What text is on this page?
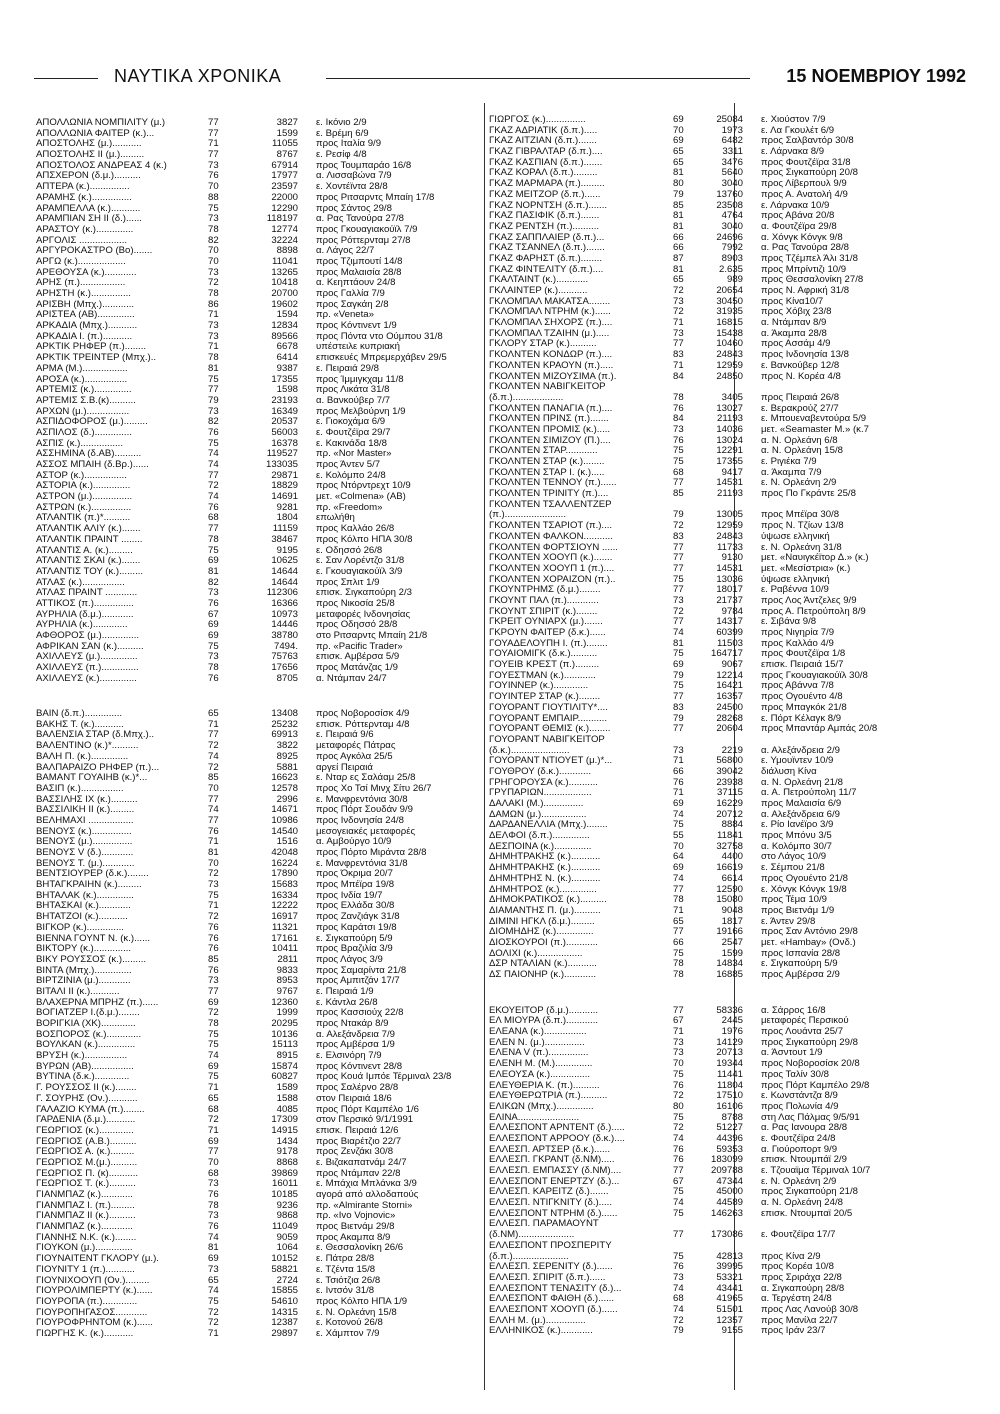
ΝΑΥΤΙΚΑ ΧΡΟΝΙΚΑ	15 ΝΟΕΜΒΡΙΟΥ 1992
ΑΠΟΛΛΩΝΙΑ ΝΟΜΠΙΛΙΤΥ (μ.)	77	3827 ε. Ικόνιο 2/9
ΑΠΟΛΛΩΝΙΑ ΦΑΪΤΕΡ (κ.)...	77	1599 ε. Βρέμη 6/9
ΑΠΟΣΤΟΛΗΣ (μ.)...........	71	11055 προς Ιταλία 9/9
ΑΠΟΣΤΟΛΗΣ II (μ.).........	77	8767 ε. Ρεσίφ 4/8
ΑΠΟΣΤΟΛΟΣ ΑΝΔΡΕΑΣ 4 (κ.)	73	67914 προς Τουμπαράο 16/8
ΑΠΣΧΕΡΟΝ (δ.μ.)..........	76	17977 α. Λισσαβώνα 7/9
ΑΠΤΕΡΑ (κ.)...............	70	23597 ε. Χοντέϊντα 28/8
ΑΡΑΜΗΣ (κ.)...............	88	22000 προς Ριτσαρντς Μπαίη 17/8
ΑΡΑΜΠΕΛΛΑ (κ.)...........	75	12290 προς Σάντος 29/8
ΑΡΑΜΠΙΑΝ ΣΗ II (δ.)......	73	118197 α. Ρας Τανούρα 27/8
ΑΡΑΣΤΟΥ (κ.)..............	78	12774 προς Γκουαγιακούϊλ 7/9
ΑΡΓΟΛΙΣ ..................	82	32224 προς Ρόττερνταμ 27/8
ΑΡΓΥΡΟΚΑΣΤΡΟ (Bo).......	70	8898 α. Λάγος 22/7
ΑΡΓΩ (κ.)..................	70	11041 προς Τζιμπουτί 14/8
ΑΡΕΘΟΥΣΑ (κ.)............	73	13265 προς Μαλαισία 28/8
ΑΡΗΣ (π.).................	72	10418 α. Κεηπτάουν 24/8
ΑΡΗΣΤΗ (κ.)...............	78	20700 προς Γαλλία 7/9
ΑΡΙΣΒΗ (Μπχ.)............	86	19602 προς Σαγκάη 2/8
ΑΡΙΣΤΕΑ (ΑΒ)..............	71	1594 πρ. «Veneta»
ΑΡΚΑΔΙΑ (Μπχ.)...........	73	12834 προς Κόντινεντ 1/9
ΑΡΚΑΔΙΑ I. (π.)...........	73	89566 προς Πόντα ντο Ούμπου 31/8
ΑΡΚΤΙΚ ΡΗΦΕΡ (π.)........	71	6678 υπέστειλε κυπριακή
ΑΡΚΤΙΚ ΤΡΕΪΝΤΕΡ (Μπχ.)..	78	6414 επισκευές Μπρεμερχάβεν 29/5
ΑΡΜΑ (Μ.).................	81	9387 ε. Πειραιά 29/8
ΑΡΟΣΑ (κ.)................	75	17355 προς Ίμμιγκχαμ 11/8
ΑΡΤΕΜΙΣ (κ.)..............	77	1598 προς Λικάτα 31/8
ΑΡΤΕΜΙΣ Σ.Β.(κ)..........	79	23193 α. Βανκούβερ 7/7
ΑΡΧΩΝ (μ.)................	73	16349 προς Μελβούρνη 1/9
ΑΣΠΙΔΟΦΟΡΟΣ (μ.).........	82	20537 ε. Γιοκοχάμα 6/9
ΑΣΠΙΛΟΣ (δ.)..............	76	56003 ε. Φουτζέϊρα 29/7
ΑΣΠΙΣ (κ.)................	75	16378 ε. Κακινάδα 18/8
ΑΣΣΗΜΙΝΑ (δ.ΑΒ)..........	74	119527 πρ. «Nor Master»
ΑΣΣΟΣ ΜΠΑΙΗ (δ.Βρ.)......	74	133035 προς Άντεν 5/7
ΑΣΤΟΡ (κ.)................	77	29871 ε. Κολόμπο 24/8
ΑΣΤΟΡΙΑ (κ.)..............	72	18829 προς Ντόρντρεχτ 10/9
ΑΣΤΡΟΝ (μ.)...............	74	14691 μετ. «Colmena» (ΑΒ)
ΑΣΤΡΩΝ (κ.)...............	76	9281 πρ. «Freedom»
ΑΤΛΑΝΤΙΚ (π.)*..........	68	1804 επωλήθη
ΑΤΛΑΝΤΙΚ ΑΛΙΥ (κ.).......	77	11159 προς Καλλάο 26/8
ΑΤΛΑΝΤΙΚ ΠΡΑΪΝΤ ........	78	38467 προς Κόλπο ΗΠΑ 30/8
ΑΤΛΑΝΤΙΣ Α. (κ.).........	75	9195 ε. Οδησσό 26/8
ΑΤΛΑΝΤΙΣ ΣΚΑΪ (κ.).......	69	10625 ε. Σαν Λορέντζο 31/8
ΑΤΛΑΝΤΙΣ ΤΟΥ (κ.).........	81	14644 ε. Γκουαγιακούϊλ 3/9
ΑΤΛΑΣ (κ.)................	82	14644 προς Σπλιτ 1/9
ΑΤΛΑΣ ΠΡΑΪΝΤ ............	73	112306 επισκ. Σιγκαπούρη 2/3
ΑΤΤΙΚΟΣ (π.)...............	76	16366 προς Νικοσία 25/8
ΑΥΡΗΛΙΑ (δ.μ.)............	67	10973 μεταφορές Ινδονησίας
ΑΥΡΗΛΙΑ (κ.).............	69	14446 προς Οδησσό 28/8
ΑΦΘΟΡΟΣ (μ.)..............	69	38780 στο Ριτσαρντς Μπαίη 21/8
ΑΦΡΙΚΑΝ ΣΑΝ (κ.)..........	75	7494. πρ. «Pacific Trader»
ΑΧΙΛΛΕΥΣ (μ.)..............	73	75763 επισκ. Αμβέρσα 5/9
ΑΧΙΛΛΕΥΣ (π.)..............	78	17656 προς Ματάνζας 1/9
ΑΧΙΛΛΕΥΣ (κ.)..............	76	8705 α. Ντάμπαν 24/7
ΒΑΪΝ (δ.π.)..............	65	13408 προς Νοβοροσίσκ 4/9
ΒΑΚΗΣ Τ. (κ.)...........	71	25232 επισκ. Ρόττερνταμ 4/8
ΒΑΛΕΝΣΙΑ ΣΤΑΡ (δ.Μπχ.)..	77	69913 ε. Πειραιά 9/6
ΒΑΛΕΝΤΙΝΟ (κ.)*..........	72	3822 μεταφορές Πάτρας
ΒΑΛΗ Π. (κ.)..............	74	8925 προς Αγκόλα 25/5
ΒΑΛΠΑΡΑΙΖΟ ΡΗΦΕΡ (π.)...	72	5881 αργεί Πειραιά
ΒΑΜΑΝΤ ΓΟΥΑΙΗΒ (κ.)*...	85	16623 ε. Νταρ ες Σαλάαμ 25/8
ΒΑΣΙΠ (κ.)................	70	12578 προς Χο Τσί Μινχ Σίτυ 26/7
ΒΑΣΣΙΛΗΣ ΙΧ (κ.)..........	77	2996 ε. Μανφρεντόνια 30/8
ΒΑΣΣΙΛΙΚΗ II (κ.).........	74	14671 προς Πόρτ Σουδάν 9/9
ΒΕΛΗΜΑΧΙ .................	77	10986 προς Ινδονησία 24/8
ΒΕΝΟΥΣ (κ.)...............	76	14540 μεσογειακές μεταφορές
ΒΕΝΟΥΣ (μ.)...............	71	1516 α. Αμβούργο 10/9
ΒΕΝΟΥΣ V (δ.)............	81	42048 προς Πόρτο Μιράντα 28/8
ΒΕΝΟΥΣ Τ. (μ.)............	70	16224 ε. Μανφρεντόνια 31/8
ΒΕΝΤΣΙΟΥΡΕΡ (δ.κ.)........	72	17890 προς Όκριμα 20/7
ΒΗΤΑΓΚΡΑΙΗΝ (κ.).........	73	15683 προς Μπέϊρα 19/8
ΒΗΤΑΛΑΚ (κ.)..............	75	16334 προς Ινδία 19/7
ΒΗΤΑΣΚΑΪ (κ.)............	71	12222 προς Ελλάδα 30/8
ΒΗΤΑΤΖΟΪ (κ.)...........	72	16917 προς Ζανζιάγκ 31/8
ΒΙΓΚΟΡ (κ.)..............	76	11321 προς Καράτσι 19/8
ΒΙΕΝΝΑ ΓΟΥΝΤ Ν. (κ.)......	76	17161 ε. Σιγκαπούρη 5/9
ΒΙΚΤΟΡΥ (κ.)..............	76	10411 προς Βραζιλία 3/9
ΒΙΚΥ ΡΟΥΣΣΟΣ (κ.).........	85	2811 προς Λάγος 3/9
ΒΙΝΤΑ (Μπχ.)..............	76	9833 προς Σαμαρίντα 21/8
ΒΙΡΤΖΙΝΙΑ (μ.)............	73	8953 προς Αμπιτζάν 17/7
ΒΙΤΑΛΙ II (κ.)...........	77	9767 ε. Πειραιά 1/9
ΒΛΑΧΕΡΝΑ ΜΠΡΗΖ (π.)......	69	12360 ε. Κάντλα 26/8
ΒΟΓΙΑΤΖΕΡ I.(δ.μ.)........	72	1999 προς Κασσιούχ 22/8
ΒΟΡΙΓΚΙΑ (ΧΚ).............	78	20295 προς Ντακάρ 8/9
ΒΟΣΠΟΡΟΣ (κ.).............	75	10136 α. Αλεξάνδρεια 7/9
ΒΟΥΛΚΑΝ (κ.)..............	75	15113 προς Αμβέρσα 1/9
ΒΡΥΣΗ (κ.)................	74	8915 ε. Ελσινόρη 7/9
ΒΥΡΩΝ (ΑΒ)................	69	15874 προς Κόντινεντ 28/8
ΒΥΤΙΝΑ (δ.κ.).............	75	60827 προς Κουά Ιμπόε Τέρμιναλ 23/8
Γ. ΡΟΥΣΣΟΣ II (κ.)........	71	1589 προς Σαλέρνο 28/8
Γ. ΣΟΥΡΗΣ (Ον.)...........	65	1588 στον Πειραιά 18/6
ΓΑΛΑΖΙΟ ΚΥΜΑ (π.)........	68	4085 προς Πόρτ Καμπέλο 1/6
ΓΑΡΔΕΝΙΑ (δ.μ.)...........	72	17309 στον Περσικό 9/1/1991
ΓΕΩΡΓΙΟΣ (κ.).............	71	14915 επισκ. Πειραιά 12/6
ΓΕΩΡΓΙΟΣ (Α.Β.)..........	69	1434 προς Βιαρέτζιο 22/7
ΓΕΩΡΓΙΟΣ Α. (κ.).........	77	9178 προς Ζενζάκι 30/8
ΓΕΩΡΓΙΟΣ Μ.(μ.)..........	70	8868 ε. Βιζακαπατνάμ 24/7
ΓΕΩΡΓΙΟΣ Π. (κ)...........	68	39869 προς Ντάμπαν 22/8
ΓΕΩΡΓΙΟΣ Τ. (κ.)..........	73	16011 ε. Μπάχια Μπλάνκα 3/9
ΓΙΑΝΜΠΑΖ (κ.)............	76	10185 αγορά από αλλοδαπούς
ΓΙΑΝΜΠΑΖ I. (π.).........	78	9236 πρ. «Almirante Storni»
ΓΙΑΝΜΠΑΖ II (κ.)..........	73	9868 πρ. «Ivo Vojnovic»
ΓΙΑΝΜΠΑΖ (κ.)............	76	11049 προς Βιετνάμ 29/8
ΓΙΑΝΝΗΣ Ν.Κ. (κ.)........	74	9059 προς Ακαμπα 8/9
ΓΙΟΥΚΟΝ (μ.)..............	81	1064 ε. Θεσσαλονίκη 26/6
ΓΙΟΥΝΑΪΤΕΝΤ ΓΚΛΟΡΥ (μ.).	69	10152 ε. Πάτρα 28/8
ΓΙΟΥΝΙΤΥ 1 (π.)...........	73	58821 ε. Τζέντα 15/8
ΓΙΟΥΝΙΧΟΟΥΠ (Ον.).........	65	2724 ε. Τσιότζια 26/8
ΓΙΟΥΡΟΛΙΜΠΕΡΤΥ (κ.)......	74	15855 ε. Ιντσόν 31/8
ΓΙΟΥΡΟΠΑ (π.).............	75	54610 προς Κόλπο ΗΠΑ 1/9
ΓΙΟΥΡΟΠΗΓΑΣΟΣ............	72	14315 ε. Ν. Ορλεάνη 15/8
ΓΙΟΥΡΟΦΡΗΝΤΟΜ (κ.)......	72	12387 ε. Κοτονού 26/8
ΓΙΩΡΓΗΣ Κ. (κ.)...........	71	29897 ε. Χάμπτον 7/9
ΓΙΩΡΓΟΣ (κ.)...............	69	25084 ε. Χιούστον 7/9
ΓΚΑΖ ΑΔΡΙΑΤΙΚ (δ.π.).....	70	1973 ε. Λα Γκουλέτ 6/9
ΓΚΑΖ ΑΙΤΖΙΑΝ (δ.π.).......	69	6482 προς Σαλβαντόρ 30/8
ΓΚΑΖ ΓΙΒΡΑΛΤΑΡ (δ.π.)....	65	3311 ε. Λάρνακα 8/9
ΓΚΑΖ ΚΑΣΠΙΑΝ (δ.π.).......	65	3476 προς Φουτζέϊρα 31/8
ΓΚΑΖ ΚΟΡΑΛ (δ.π.).........	81	5640 προς Σιγκαπούρη 20/8
ΓΚΑΖ ΜΑΡΜΑΡΑ (π.).........	80	3040 προς Λίβερπουλ 9/9
ΓΚΑΖ ΜΕΪΤΖΟΡ (δ.π.)......	79	13760 προς Α. Ανατολή 4/9
ΓΚΑΖ ΝΟΡΝΤΣΗ (δ.π.).......	85	23508 ε. Λάρνακα 10/9
ΓΚΑΖ ΠΑΣΙΦΙΚ (δ.π.).......	81	4764 προς Αβάνα 20/8
ΓΚΑΖ ΡΕΝΤΣΗ (π.)..........	81	3040 α. Φουτζέϊρα 29/8
ΓΚΑΖ ΣΑΠΠΛΑΪΕΡ (δ.π.)...	66	24696 α. Χόνγκ Κόνγκ 9/8
ΓΚΑΖ ΤΣΑΝΝΕΛ (δ.π.).......	66	7992 α. Ρας Τανούρα 28/8
ΓΚΑΖ ΦΑΡΗΣΤ (δ.π.)........	87	8903 προς Τζέμπελ Άλι 31/8
ΓΚΑΖ ΦΙΝΤΕΛΙΤΥ (δ.π.)....	81	2.635 προς Μπρίντιζι 10/9
ΓΚΑΛΤΑΪΝΤ (κ.)............	65	989 προς Θεσσαλονίκη 27/8
ΓΚΛΑΪΝΤΕΡ (κ.)...........	72	20654 προς Ν. Αφρική 31/8
ΓΚΛΟΜΠΑΛ ΜΑΚΑΤΣΑ........	73	30450 προς Κίνα10/7
ΓΚΛΟΜΠΑΛ ΝΤΡΗΜ (κ.)......	72	31935 προς Χόβιχ 23/8
ΓΚΛΟΜΠΑΛ ΣΗΧΟΡΣ (π.)....	71	16815 α. Ντάμπαν 8/9
ΓΚΛΟΜΠΑΛ ΤΖΑΙΗΝ (μ.).....	73	15438 α. Άκαμπα 28/8
ΓΚΛΟΡΥ ΣΤΑΡ (κ.)..........	77	10460 προς Ασσάμ 4/9
ΓΚΟΛΝΤΕΝ ΚΟΝΔΩΡ (π.)....	83	24843 προς Ινδονησία 13/8
ΓΚΟΛΝΤΕΝ ΚΡΑΟΥΝ (π.).....	71	12959 ε. Βανκούβερ 12/8
ΓΚΟΛΝΤΕΝ ΜΙΖΟΥΣΙΜΑ (π.).	84	24850 προς Ν. Κορέα 4/8
ΓΚΟΛΝΤΕΝ ΝΑΒΙΓΚΕΪΤΟΡ
(δ.π.)...................	78	3405 προς Πειραιά 26/8
ΓΚΟΛΝΤΕΝ ΠΑΝΑΓΙΑ (π.)....	76	13027 ε. Βερακρούζ 27/7
ΓΚΟΛΝΤΕΝ ΠΡΙΝΣ (π.).......	84	21193 ε. Μπουεναβεντούρα 5/9
ΓΚΟΛΝΤΕΝ ΠΡΟΜΙΣ (κ.).....	73	14036 μετ. «Seamaster Μ.» (κ.7
ΓΚΟΛΝΤΕΝ ΣΙΜΙΖΟΥ (Π.)....	76	13024 α. Ν. Ορλεάνη 6/8
ΓΚΟΛΝΤΕΝ ΣΤΑΡ............	75	12291 α. Ν. Ορλεάνη 15/8
ΓΚΟΛΝΤΕΝ ΣΤΑΡ (κ.)........	75	17355 ε. Ριγιέκα 7/9
ΓΚΟΛΝΤΕΝ ΣΤΑΡ I. (κ.).....	68	9417 α. Άκαμπα 7/9
ΓΚΟΛΝΤΕΝ ΤΕΝΝΟΥ (π.)......	77	14531 ε. Ν. Ορλεάνη 2/9
ΓΚΟΛΝΤΕΝ ΤΡΙΝΙΤΥ (π.)....	85	21193 προς Πο Γκράντε 25/8
ΓΚΟΛΝΤΕΝ ΤΣΑΛΛΕΝΤΖΕΡ
(π.).......................	79	13005 προς Μπέϊρα 30/8
ΓΚΟΛΝΤΕΝ ΤΣΑΡΙΟΤ (π.)....	72	12959 προς Ν. Τζίων 13/8
ΓΚΟΛΝΤΕΝ ΦΑΛΚΟΝ...........	83	24843 ύψωσε ελληνική
ΓΚΟΛΝΤΕΝ ΦΟΡΤΣΙΟΥΝ ......	77	11733 ε. Ν. Ορλεάνη 31/8
ΓΚΟΛΝΤΕΝ ΧΟΟΥΠ (κ.).......	77	9130 μετ. «Ναυιγκέϊτορ Δ.» (κ.)
ΓΚΟΛΝΤΕΝ ΧΟΟΥΠ 1 (π.)....	77	14531 μετ. «Μεσίστρια» (κ.)
ΓΚΟΛΝΤΕΝ ΧΟΡΑΪΖΟΝ (π.)..	75	13036 ύψωσε ελληνική
ΓΚΟΥΝΤΡΗΜΣ (δ.μ.)........	77	18017 ε. Ραβέννα 10/9
ΓΚΟΥΝΤ ΠΑΛ (π.)............	73	21737 προς Λος Άντζελες 9/9
ΓΚΟΥΝΤ ΣΠΙΡΙΤ (κ.)........	72	9784 προς Α. Πετρούπολη 8/9
ΓΚΡΕΪΤ ΟΥΝΙΑΡΧ (μ.).......	77	14317 ε. Σιβάνα 9/8
ΓΚΡΟΥΝ ΦΑΪΤΕΡ (δ.κ.)......	74	60399 προς Νιγηρία 7/9
ΓΟΥΑΔΕΛΟΥΠΗ I. (π.)........	81	11503 προς Καλλάο 4/9
ΓΟΥΑΪΟΜΙΓΚ (δ.κ.)..........	75	164717 προς Φουτζέϊρα 1/8
ΓΟΥΕΪΒ ΚΡΕΣΤ (π.).........	69	9067 επισκ. Πειραιά 15/7
ΓΟΥΕΣΤΜΑΝ (κ.)............	79	12214 προς Γκουαγιακούϊλ 30/8
ΓΟΥΪΝΝΕΡ (κ.).............	75	16421 προς Αβάννα 7/8
ΓΟΥΪΝΤΕΡ ΣΤΑΡ (κ.)........	77	16357 προς Ογουέντο 4/8
ΓΟΥΟΡΑΝΤ ΓΙΟΥΤΙΛΙΤΥ*....	83	24500 προς Μπαγκόκ 21/8
ΓΟΥΟΡΑΝΤ ΕΜΠΑΙΡ...........	79	28268 ε. Πόρτ Κέλαγκ 8/9
ΓΟΥΟΡΑΝΤ ΘΕΜΙΣ (κ.)........	77	20604 προς Μπαντάρ Αμπάς 20/8
ΓΟΥΟΡΑΝΤ ΝΑΒΙΓΚΕΪΤΟΡ
(δ.κ.)......................	73	2219 α. Αλεξάνδρεια 2/9
ΓΟΥΟΡΑΝΤ ΝΤΙΟΥΕΤ (μ.)*...	71	56800 ε. Υμουϊντεν 10/9
ΓΟΥΘΡΟΥ (δ.κ.)............	66	39042 διάλυση Κίνα
ΓΡΗΓΟΡΟΥΣΑ (κ.)...........	76	23938 α. Ν. Ορλεάνη 21/8
ΓΡΥΠΑΡΙΩΝ..................	71	37115 α. Α. Πετρούπολη 11/7
ΔΑΛΑΚΙ (Μ.)...............	69	16229 προς Μαλαισία 6/9
ΔΑΜΩΝ (μ.).................	74	20712 α. Αλεξάνδρεια 6/9
ΔΑΡΔΑΝΕΛΛΙΑ (Μπχ.)........	75	8884 ε. Ρίο Ιανέϊρο 3/9
ΔΕΛΦΟΙ (δ.π.)..............	55	11841 προς Μπόνυ 3/5
ΔΕΣΠΟΙΝΑ (κ.)..............	70	32758 α. Κολόμπο 30/7
ΔΗΜΗΤΡΑΚΗΣ (κ.)...........	64	4400 στο Λάγος 10/9
ΔΗΜΗΤΡΑΚΗΣ (κ.)...........	69	16619 ε. Σέμπου 21/8
ΔΗΜΗΤΡΗΣ Ν. (κ.)...........	74	6614 προς Ογουέντο 21/8
ΔΗΜΗΤΡΟΣ (κ.)..............	77	12590 ε. Χόνγκ Κόνγκ 19/8
ΔΗΜΟΚΡΑΤΙΚΟΣ (κ.)..........	78	15080 προς Τέμα 10/9
ΔΙΑΜΑΝΤΗΣ Π. (μ.)..........	71	9048 προς Βιετνάμ 1/9
ΔΙΜΙΝΙ ΗΓΚΛ (δ.μ.).........	65	1817 ε. Άντεν 29/8
ΔΙΟΜΗΔΗΣ (κ.)..............	77	19166 προς Σαν Αντόνιο 29/8
ΔΙΟΣΚΟΥΡΟΙ (π.)............	66	2547 μετ. «Hambay» (Ονδ.)
ΔΟΛΙΧΙ (κ.).................	75	1599 προς Ισπανία 28/8
ΔΣΡ ΝΤΑΛΙΑΝ (κ.)...........	78	14834 ε. Σιγκαπούρη 5/9
ΔΣ ΠΑΪΟΝΗΡ (κ.)............	78	16885 προς Αμβέρσα 2/9
ΕΚΟΥΕΪΤΟΡ (δ.μ.)...........	77	58336 α. Σάρρος 16/8
ΕΛ ΜΙΟΥΡΑ (δ.π.)............	67	2445 μεταφορές Περσικού
ΕΛΕΑΝΑ (κ.)................	71	1976 προς Λουάντα 25/7
ΕΛΕΝ Ν. (μ.)...............	73	14129 προς Σιγκαπούρη 29/8
ΕΛΕΝΑ V (π.)...............	73	20713 α. Άσντουτ 1/9
ΕΛΕΝΗ Μ. (Μ.)..............	70	19344 προς Νοβοροσίσκ 20/8
ΕΛΕΟΥΣΑ (κ.)...............	75	11441 προς Ταλίν 30/8
ΕΛΕΥΘΕΡΙΑ Κ. (π.)..........	76	11804 προς Πόρτ Καμπέλο 29/8
ΕΛΕΥΘΕΡΩΤΡΙΑ (π.)..........	72	17510 ε. Κωνστάντζα 8/9
ΕΛΙΚΩΝ (Μπχ.)..............	80	16106 προς Πολωνία 4/9
ΕΛΙΝΑ.......................	75	8788 στη Λας Πάλμας 9/5/91
ΕΛΛΕΣΠΟΝΤ ΑΡΝΤΕΝΤ (δ.).....	72	51227 α. Ρας Ιανουρα 28/8
ΕΛΛΕΣΠΟΝΤ ΑΡΡΟΟΥ (δ.κ.)....	74	44396 ε. Φουτζέϊρα 24/8
ΕΛΛΕΣΠ. ΑΡΤΣΕΡ (δ.κ.)......	76	59353 α. Γιούροπορτ 9/9
ΕΛΛΕΣΠ. ΓΚΡΑΝΤ (δ.ΝΜ).....	76	183099 επισκ. Ντουμπάϊ 2/9
ΕΛΛΕΣΠ. ΕΜΠΑΣΣΥ (δ.ΝΜ)....	77	209788 ε. Τζουαϊμα Τέρμιναλ 10/7
ΕΛΛΕΣΠΟΝΤ ΕΝΕΡΤΖΥ (δ.)...	67	47344 ε. Ν. Ορλεάνη 2/9
ΕΛΛΕΣΠ. ΚΑΡΕΪΤΖ (δ.).......	75	45000 προς Σιγκαπούρη 21/8
ΕΛΛΕΣΠ. ΝΤΙΓΚΝΙΤΥ (δ.).....	74	44589 α. Ν. Ορλεάνη 24/8
ΕΛΛΕΣΠΟΝΤ ΝΤΡΗΜ (δ.)......	75	146263 επισκ. Ντουμπαϊ 20/5
ΕΛΛΕΣΠ. ΠΑΡΑΜΑΟΥΝΤ
(δ.ΝΜ).....................	77	173086 ε. Φουτζέϊρα 17/7
ΕΛΛΕΣΠΟΝΤ ΠΡΟΣΠΕΡΙΤΥ
(δ.π.).....................	75	42813 προς Κίνα 2/9
ΕΛΛΕΣΠ. ΣΕΡΕΝΙΤΥ (δ.)......	76	39995 προς Κορέα 10/8
ΕΛΛΕΣΠ. ΣΠΙΡΙΤ (δ.π.)......	73	53321 προς Σριράχα 22/8
ΕΛΛΕΣΠΟΝΤ ΤΕΝΑΣΙΤΥ (δ.)...	74	43441 α. Σιγκαπούρη 28/8
ΕΛΛΕΣΠΟΝΤ ΦΑΙΘΗ (δ.)......	68	41965 α. Τεργέστη 24/8
ΕΛΛΕΣΠΟΝΤ ΧΟΟΥΠ (δ.)......	74	51501 προς Λας Λανούβ 30/8
ΕΛΛΗ Μ. (μ.)...............	72	12357 προς Μανίλα 22/7
ΕΛΛΗΝΙΚΟΣ (κ.)............	79	9155 προς Ιράν 23/7
